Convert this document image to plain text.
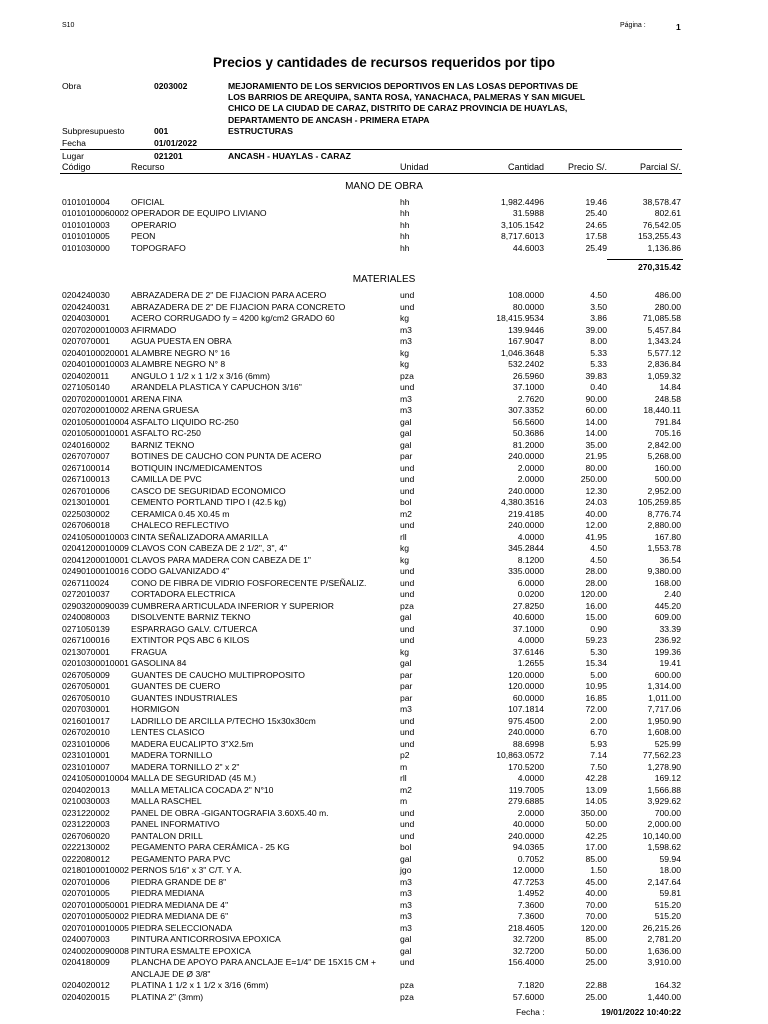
S10	Página :	1
Precios y cantidades de recursos requeridos por tipo
Obra	0203002	MEJORAMIENTO DE LOS SERVICIOS DEPORTIVOS EN LAS LOSAS DEPORTIVAS DE LOS BARRIOS DE AREQUIPA, SANTA ROSA, YANACHACA, PALMERAS Y SAN MIGUEL CHICO DE LA CIUDAD DE CARAZ, DISTRITO DE CARAZ PROVINCIA DE HUAYLAS, DEPARTAMENTO DE ANCASH - PRIMERA ETAPA
Subpresupuesto	001	ESTRUCTURAS
Fecha	01/01/2022
Lugar	021201	ANCASH - HUAYLAS - CARAZ
Código	Recurso	Unidad	Cantidad	Precio S/.	Parcial S/.
MANO DE OBRA
0101010004 OFICIAL	hh	1,982.4496	19.46	38,578.47
01010100060002 OPERADOR DE EQUIPO LIVIANO	hh	31.5988	25.40	802.61
0101010003 OPERARIO	hh	3,105.1542	24.65	76,542.05
0101010005 PEON	hh	8,717.6013	17.58	153,255.43
0101030000 TOPOGRAFO	hh	44.6003	25.49	1,136.86
270,315.42
MATERIALES
0204240030 ABRAZADERA DE 2" DE FIJACION PARA ACERO	und	108.0000	4.50	486.00
0204240031 ABRAZADERA DE 2" DE FIJACION PARA CONCRETO	und	80.0000	3.50	280.00
0204030001 ACERO CORRUGADO fy = 4200 kg/cm2 GRADO 60	kg	18,415.9534	3.86	71,085.58
02070200010003 AFIRMADO	m3	139.9446	39.00	5,457.84
0207070001 AGUA PUESTA EN OBRA	m3	167.9047	8.00	1,343.24
02040100020001 ALAMBRE NEGRO N° 16	kg	1,046.3648	5.33	5,577.12
02040100010003 ALAMBRE NEGRO N° 8	kg	532.2402	5.33	2,836.84
0204020011	ANGULO 1 1/2 x 1 1/2 x 3/16 (6mm)	pza	26.5960	39.83	1,059.32
0271050140 ARANDELA PLASTICA Y CAPUCHON 3/16"	und	37.1000	0.40	14.84
02070200010001 ARENA FINA	m3	2.7620	90.00	248.58
02070200010002 ARENA GRUESA	m3	307.3352	60.00	18,440.11
02010500010004 ASFALTO LIQUIDO RC-250	gal	56.5600	14.00	791.84
02010500010001 ASFALTO RC-250	gal	50.3686	14.00	705.16
0240160002 BARNIZ TEKNO	gal	81.2000	35.00	2,842.00
0267070007 BOTINES DE CAUCHO CON PUNTA DE ACERO	par	240.0000	21.95	5,268.00
0267100014 BOTIQUIN INC/MEDICAMENTOS	und	2.0000	80.00	160.00
0267100013 CAMILLA DE PVC	und	2.0000	250.00	500.00
0267010006 CASCO DE SEGURIDAD ECONOMICO	und	240.0000	12.30	2,952.00
0213010001 CEMENTO PORTLAND TIPO I (42.5 kg)	bol	4,380.3516	24.03	105,259.85
0225030002 CERAMICA 0.45 X0.45 m	m2	219.4185	40.00	8,776.74
0267060018 CHALECO REFLECTIVO	und	240.0000	12.00	2,880.00
02410500010003 CINTA SEÑALIZADORA AMARILLA	rll	4.0000	41.95	167.80
02041200010009 CLAVOS CON CABEZA DE 2 1/2", 3", 4"	kg	345.2844	4.50	1,553.78
02041200010001 CLAVOS PARA MADERA CON CABEZA DE 1"	kg	8.1200	4.50	36.54
02490100010016 CODO GALVANIZADO 4"	und	335.0000	28.00	9,380.00
0267110024	CONO DE FIBRA DE VIDRIO FOSFORECENTE P/SEÑALIZ.	und	6.0000	28.00	168.00
0272010037 CORTADORA ELECTRICA	und	0.0200	120.00	2.40
02903200090039 CUMBRERA ARTICULADA INFERIOR Y SUPERIOR	pza	27.8250	16.00	445.20
0240080003 DISOLVENTE BARNIZ TEKNO	gal	40.6000	15.00	609.00
0271050139 ESPARRAGO GALV. C/TUERCA	und	37.1000	0.90	33.39
0267100016 EXTINTOR PQS ABC 6 KILOS	und	4.0000	59.23	236.92
0213070001 FRAGUA	kg	37.6146	5.30	199.36
02010300010001 GASOLINA 84	gal	1.2655	15.34	19.41
0267050009 GUANTES DE CAUCHO MULTIPROPOSITO	par	120.0000	5.00	600.00
0267050001 GUANTES DE CUERO	par	120.0000	10.95	1,314.00
0267050010 GUANTES INDUSTRIALES	par	60.0000	16.85	1,011.00
0207030001 HORMIGON	m3	107.1814	72.00	7,717.06
0216010017 LADRILLO DE ARCILLA P/TECHO 15x30x30cm	und	975.4500	2.00	1,950.90
0267020010 LENTES CLASICO	und	240.0000	6.70	1,608.00
0231010006 MADERA EUCALIPTO 3"X2.5m	und	88.6998	5.93	525.99
0231010001 MADERA TORNILLO	p2	10,863.0572	7.14	77,562.23
0231010007 MADERA TORNILLO 2" x 2"	m	170.5200	7.50	1,278.90
02410500010004 MALLA DE SEGURIDAD (45 M.)	rll	4.0000	42.28	169.12
0204020013 MALLA METALICA COCADA 2" N°10	m2	119.7005	13.09	1,566.88
0210030003 MALLA RASCHEL	m	279.6885	14.05	3,929.62
0231220002 PANEL DE OBRA -GIGANTOGRAFIA 3.60X5.40 m.	und	2.0000	350.00	700.00
0231220003 PANEL INFORMATIVO	und	40.0000	50.00	2,000.00
0267060020 PANTALON DRILL	und	240.0000	42.25	10,140.00
0222130002 PEGAMENTO PARA CERÁMICA - 25 KG	bol	94.0365	17.00	1,598.62
0222080012 PEGAMENTO PARA PVC	gal	0.7052	85.00	59.94
02180100010002 PERNOS 5/16" x 3" C/T. Y A.	jgo	12.0000	1.50	18.00
0207010006 PIEDRA GRANDE DE 8"	m3	47.7253	45.00	2,147.64
0207010005 PIEDRA MEDIANA	m3	1.4952	40.00	59.81
02070100050001 PIEDRA MEDIANA DE 4"	m3	7.3600	70.00	515.20
02070100050002 PIEDRA MEDIANA DE 6"	m3	7.3600	70.00	515.20
02070100010005 PIEDRA SELECCIONADA	m3	218.4605	120.00	26,215.26
0240070003 PINTURA ANTICORROSIVA EPOXICA	gal	32.7200	85.00	2,781.20
02400200090008 PINTURA ESMALTE EPOXICA	gal	32.7200	50.00	1,636.00
0204180009 PLANCHA DE APOYO PARA ANCLAJE E=1/4" DE 15X15 CM +	und	156.4000	25.00	3,910.00
ANCLAJE DE Ø 3/8"
0204020012 PLATINA 1 1/2 x 1 1/2 x 3/16 (6mm)	pza	7.1820	22.88	164.32
0204020015 PLATINA 2" (3mm)	pza	57.6000	25.00	1,440.00
Fecha :	19/01/2022 10:40:22
